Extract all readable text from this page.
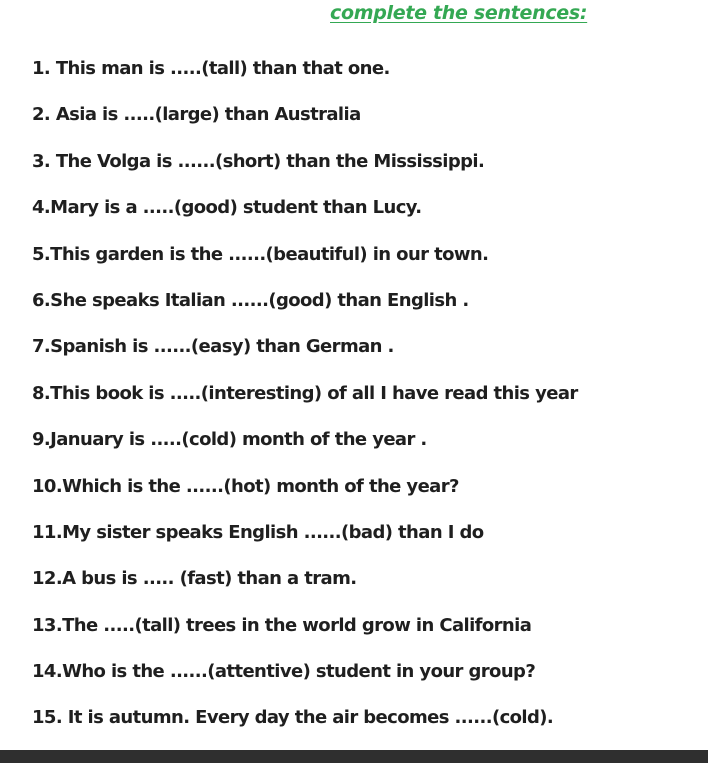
complete the sentences:
1. This man is .....(tall) than that one.
2. Asia is .....(large) than Australia
3. The Volga is ......(short) than the Mississippi.
4.Mary is a .....(good) student than Lucy.
5.This garden is the ......(beautiful) in our town.
6.She speaks Italian ......(good) than English .
7.Spanish is ......(easy) than German .
8.This book is .....(interesting) of all I have read this year
9.January is .....(cold) month of the year .
10.Which is the ......(hot) month of the year?
11.My sister speaks English ......(bad) than I do
12.A bus is ..... (fast) than a tram.
13.The .....(tall) trees in the world grow in California
14.Who is the ......(attentive) student in your group?
15. It is autumn. Every day the air becomes ......(cold).
